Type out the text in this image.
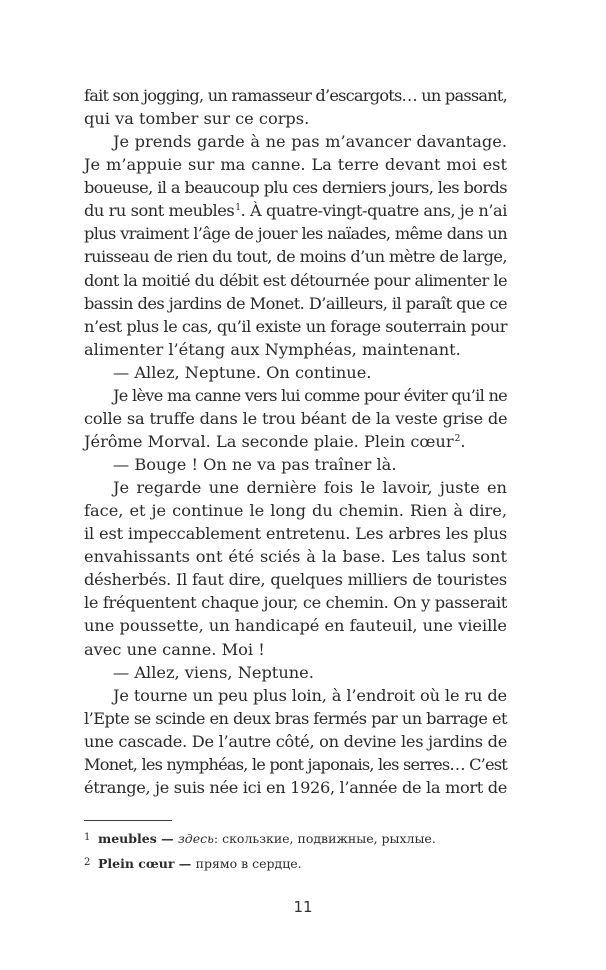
fait son jogging, un ramasseur d’escargots… un passant,
qui va tomber sur ce corps.
Je prends garde à ne pas m’avancer davantage.
Je m’appuie sur ma canne. La terre devant moi est
boueuse, il a beaucoup plu ces derniers jours, les bords
du ru sont meubles$^1$. À quatre-vingt-quatre ans, je n’ai
plus vraiment l’âge de jouer les naïades, même dans un
ruisseau de rien du tout, de moins d’un mètre de large,
dont la moitié du débit est détournée pour alimenter le
bassin des jardins de Monet. D’ailleurs, il paraît que ce
n’est plus le cas, qu’il existe un forage souterrain pour
alimenter l’étang aux Nymphéas, maintenant.
— Allez, Neptune. On continue.
Je lève ma canne vers lui comme pour éviter qu’il ne
colle sa truffe dans le trou béant de la veste grise de
Jérôme Morval. La seconde plaie. Plein cœur$^2$.
— Bouge ! On ne va pas traîner là.
Je regarde une dernière fois le lavoir, juste en
face, et je continue le long du chemin. Rien à dire,
il est impeccablement entretenu. Les arbres les plus
envahissants ont été sciés à la base. Les talus sont
désherbés. Il faut dire, quelques milliers de touristes
le fréquentent chaque jour, ce chemin. On y passerait
une poussette, un handicapé en fauteuil, une vieille
avec une canne. Moi !
— Allez, viens, Neptune.
Je tourne un peu plus loin, à l’endroit où le ru de
l’Epte se scinde en deux bras fermés par un barrage et
une cascade. De l’autre côté, on devine les jardins de
Monet, les nymphéas, le pont japonais, les serres… C’est
étrange, je suis née ici en 1926, l’année de la mort de
1 meubles — здесь: скользкие, подвижные, рыхлые.
2 Plein cœur — прямо в сердце.
11
